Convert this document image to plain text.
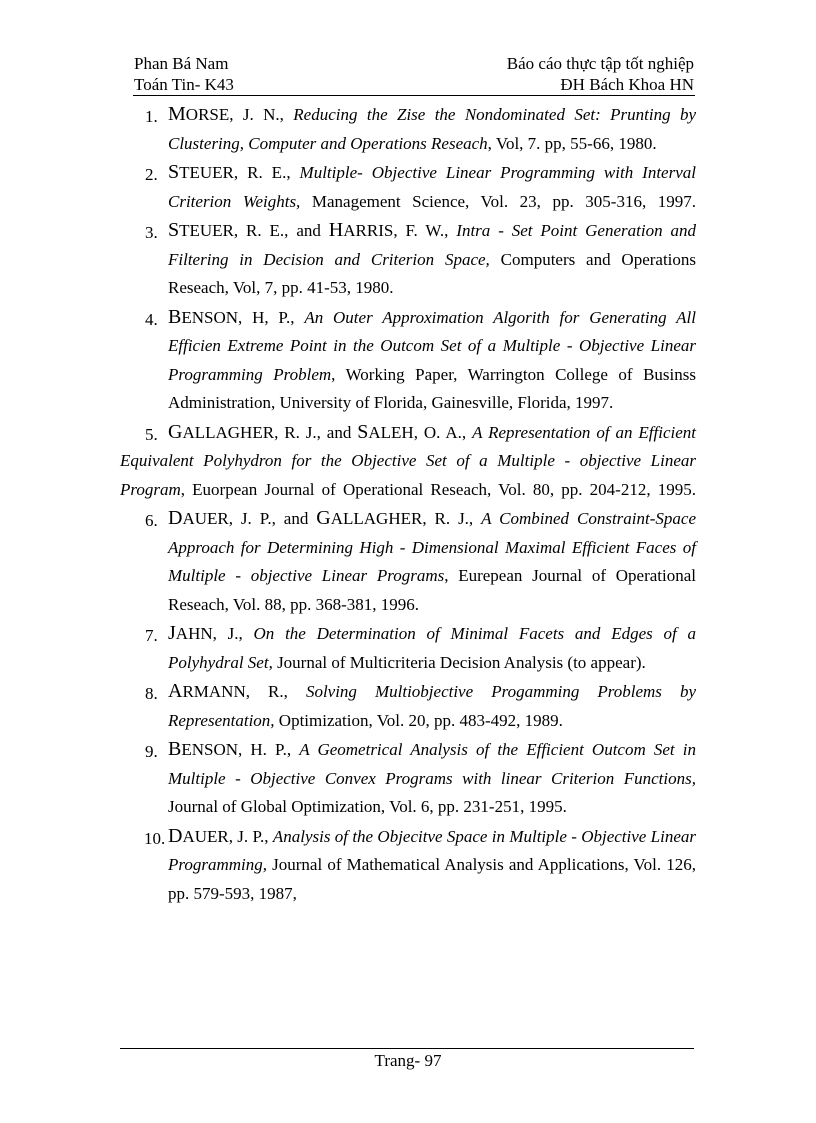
Phan Bá Nam
Toán Tin- K43
Báo cáo thực tập tốt nghiệp
ĐH Bách Khoa HN
1. MORSE, J. N., Reducing the Zise the Nondominated Set: Prunting by Clustering, Computer and Operations Reseach, Vol, 7. pp, 55-66, 1980.
2. STEUER, R. E., Multiple- Objective Linear Programming with Interval Criterion Weights, Management Science, Vol. 23, pp. 305-316, 1997.
3. STEUER, R. E., and HARRIS, F. W., Intra - Set Point Generation and Filtering in Decision and Criterion Space, Computers and Operations Reseach, Vol, 7, pp. 41-53, 1980.
4. BENSON, H, P., An Outer Approximation Algorith for Generating All Efficien Extreme Point in the Outcom Set of a Multiple - Objective Linear Programming Problem, Working Paper, Warrington College of Businss Administration, University of Florida, Gainesville, Florida, 1997.
5. GALLAGHER, R. J., and SALEH, O. A., A Representation of an Efficient Equivalent Polyhydron for the Objective Set of a Multiple - objective Linear Program, Euorpean Journal of Operational Reseach, Vol. 80, pp. 204-212, 1995.
6. DAUER, J. P., and GALLAGHER, R. J., A Combined Constraint-Space Approach for Determining High - Dimensional Maximal Efficient Faces of Multiple - objective Linear Programs, Eurepean Journal of Operational Reseach, Vol. 88, pp. 368-381, 1996.
7. JAHN, J., On the Determination of Minimal Facets and Edges of a Polyhydral Set, Journal of Multicriteria Decision Analysis (to appear).
8. ARMANN, R., Solving Multiobjective Progamming Problems by Representation, Optimization, Vol. 20, pp. 483-492, 1989.
9. BENSON, H. P., A Geometrical Analysis of the Efficient Outcom Set in Multiple - Objective Convex Programs with linear Criterion Functions, Journal of Global Optimization, Vol. 6, pp. 231-251, 1995.
10. DAUER, J. P., Analysis of the Objecitve Space in Multiple - Objective Linear Programming, Journal of Mathematical Analysis and Applications, Vol. 126, pp. 579-593, 1987,
Trang- 97
